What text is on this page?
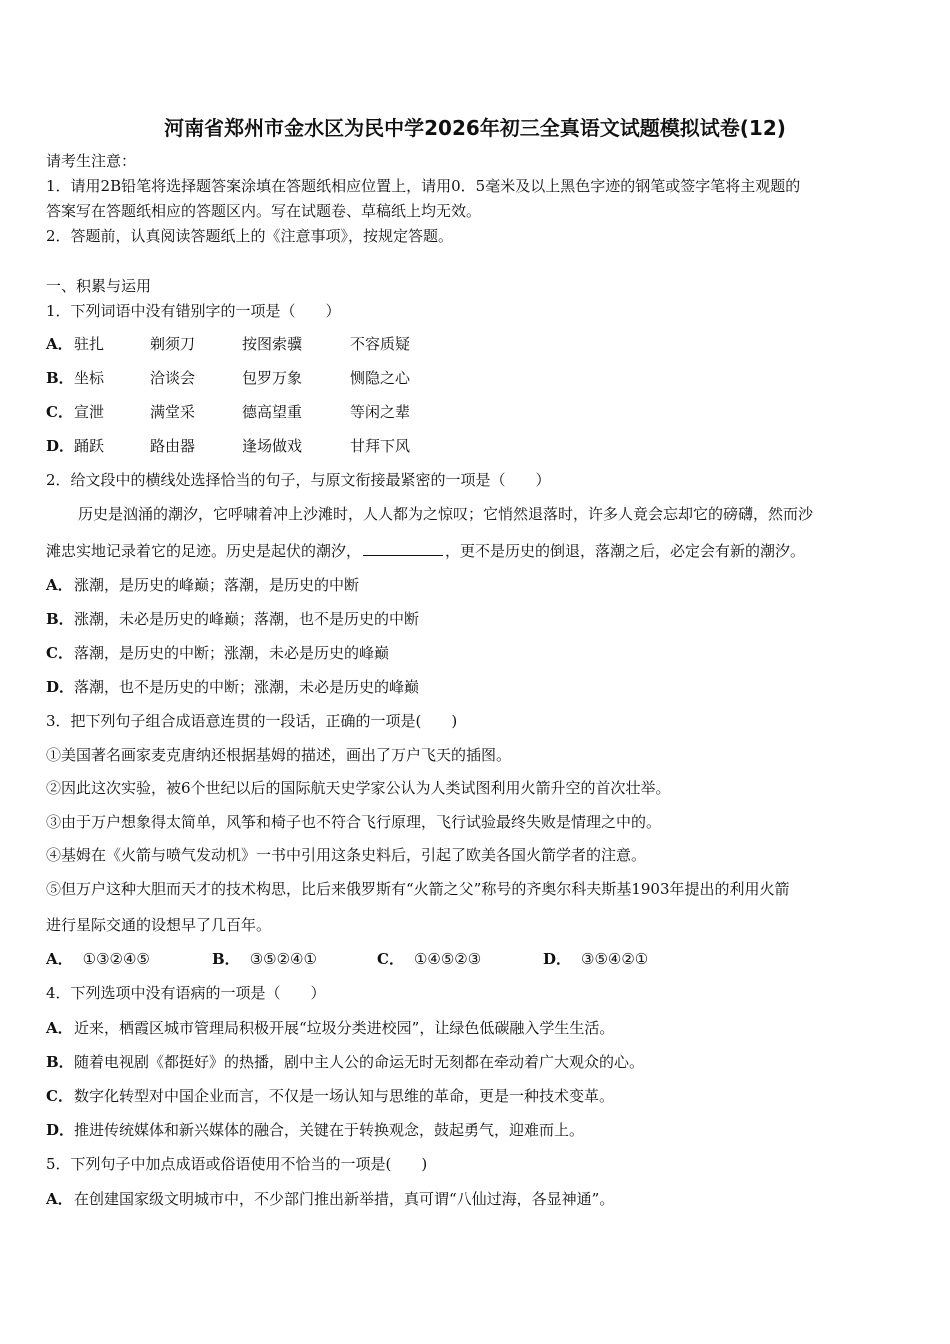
河南省郑州市金水区为民中学2026年初三全真语文试题模拟试卷(12)
请考生注意：
1．请用2B铅笔将选择题答案涂填在答题纸相应位置上，请用0．5毫米及以上黑色字迹的钢笔或签字笔将主观题的
答案写在答题纸相应的答题区内。写在试题卷、草稿纸上均无效。
2．答题前，认真阅读答题纸上的《注意事项》，按规定答题。
一、积累与运用
1．下列词语中没有错别字的一项是（　　）
A． 驻扎	剃须刀	按图索骥	不容质疑
B． 坐标	洽谈会	包罗万象	恻隐之心
C． 宣泄	满堂采	德高望重	等闲之辈
D． 踊跃	路由器	逢场做戏	甘拜下风
2．给文段中的横线处选择恰当的句子，与原文衔接最紧密的一项是（　　）
历史是汹涌的潮汐，它呼啸着冲上沙滩时，人人都为之惊叹；它悄然退落时，许多人竟会忘却它的磅礴，然而沙
滩忠实地记录着它的足迹。历史是起伏的潮汐，	，更不是历史的倒退，落潮之后，必定会有新的潮汐。
A．涨潮，是历史的峰巅；落潮，是历史的中断
B．涨潮，未必是历史的峰巅；落潮，也不是历史的中断
C．落潮，是历史的中断；涨潮，未必是历史的峰巅
D．落潮，也不是历史的中断；涨潮，未必是历史的峰巅
3．把下列句子组合成语意连贯的一段话，正确的一项是(　　)
①美国著名画家麦克唐纳还根据基姆的描述，画出了万户飞天的插图。
②因此这次实验，被6个世纪以后的国际航天史学家公认为人类试图利用火箭升空的首次壮举。
③由于万户想象得太简单，风筝和椅子也不符合飞行原理，飞行试验最终失败是情理之中的。
④基姆在《火箭与喷气发动机》一书中引用这条史料后，引起了欧美各国火箭学者的注意。
⑤但万户这种大胆而天才的技术构思，比后来俄罗斯有“火箭之父”称号的齐奥尔科夫斯基1903年提出的利用火箭
进行星际交通的设想早了几百年。
A． ①③②④⑤	B． ③⑤②④①	C． ①④⑤②③	D． ③⑤④②①
4．下列选项中没有语病的一项是（　　）
A．近来，栖霞区城市管理局积极开展“垃圾分类进校园”，让绿色低碳融入学生生活。
B．随着电视剧《都挺好》的热播，剧中主人公的命运无时无刻都在牵动着广大观众的心。
C．数字化转型对中国企业而言，不仅是一场认知与思维的革命，更是一种技术变革。
D．推进传统媒体和新兴媒体的融合，关键在于转换观念，鼓起勇气，迎难而上。
5．下列句子中加点成语或俗语使用不恰当的一项是(　　)
A．在创建国家级文明城市中，不少部门推出新举措，真可谓“八仙过海，各显神通”。
